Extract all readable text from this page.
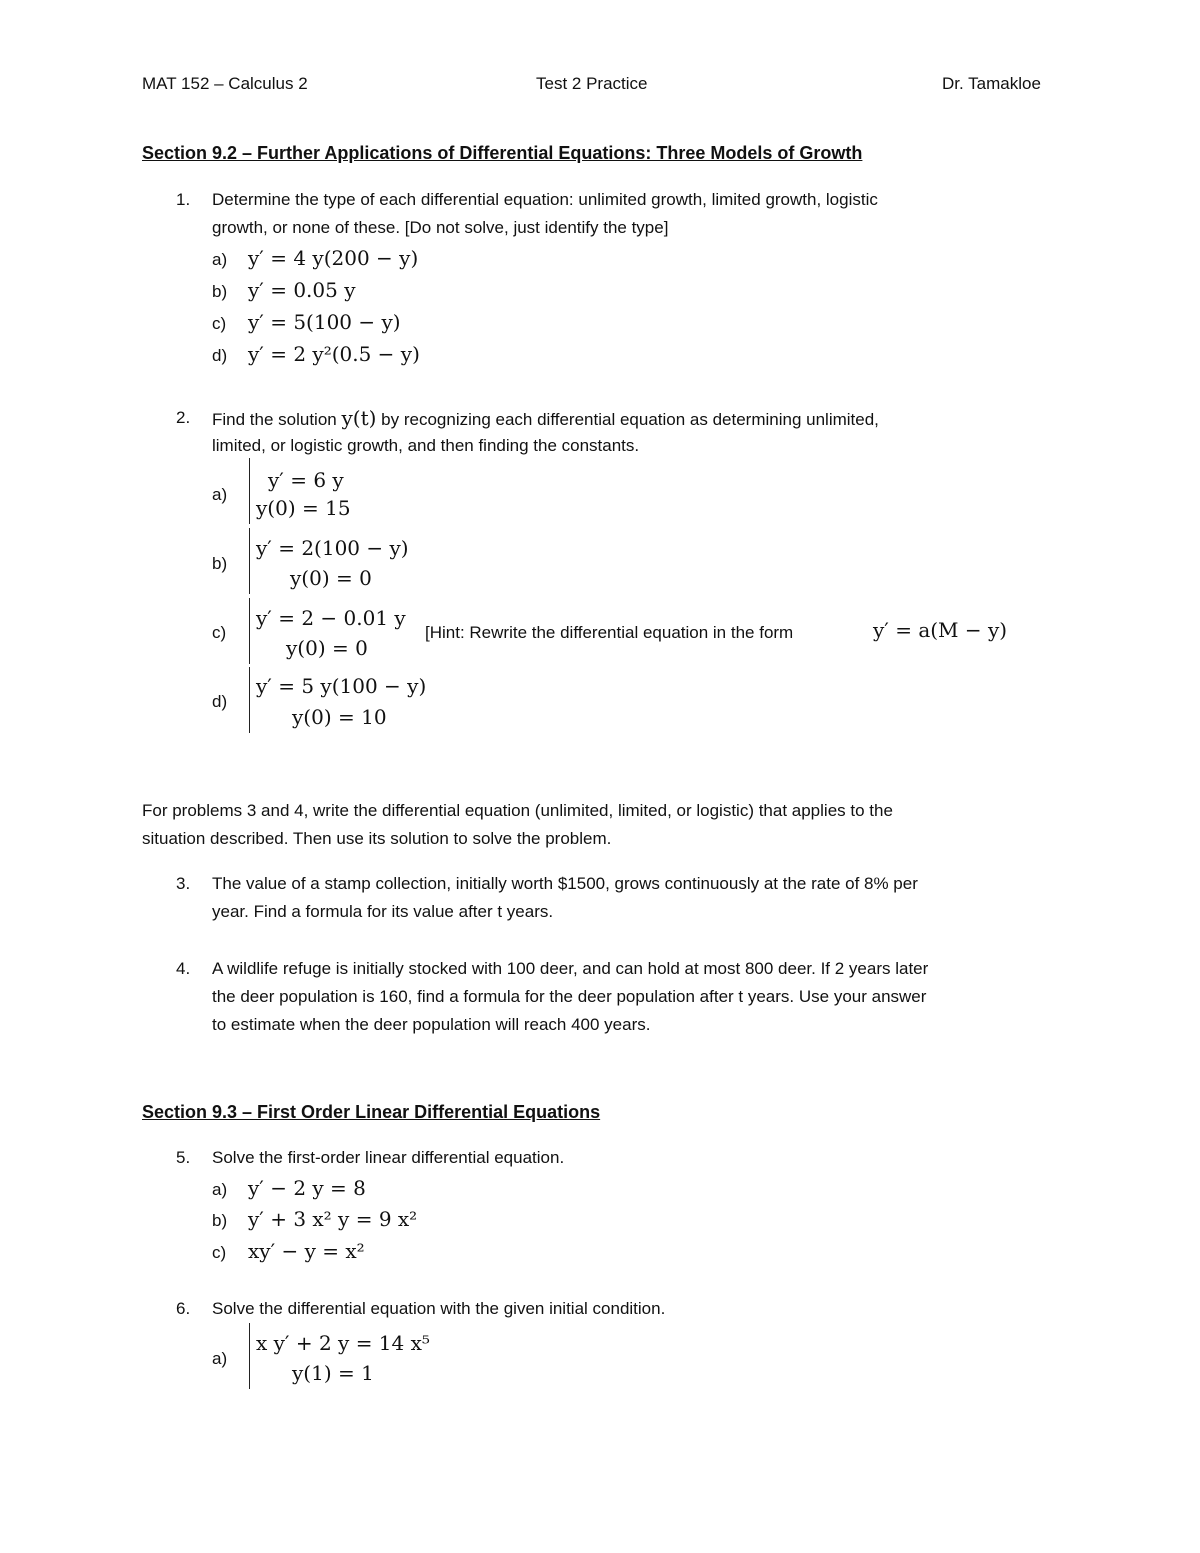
MAT 152 – Calculus 2	Test 2 Practice	Dr. Tamakloe
Section 9.2 – Further Applications of Differential Equations: Three Models of Growth
1. Determine the type of each differential equation: unlimited growth, limited growth, logistic
growth, or none of these. [Do not solve, just identify the type]
a) y′ = 4 y(200 − y)
b) y′ = 0.05 y
c) y′ = 5(100 − y)
d) y′ = 2 y²(0.5 − y)
2. Find the solution y(t) by recognizing each differential equation as determining unlimited,
limited, or logistic growth, and then finding the constants.
a)
y′ = 6 y
y(0) = 15
b)
y′ = 2(100 − y)
y(0) = 0
c)
y′ = 2 − 0.01 y
y(0) = 0
[Hint: Rewrite the differential equation in the form	y′ = a(M − y)
d)
y′ = 5 y(100 − y)
y(0) = 10
For problems 3 and 4, write the differential equation (unlimited, limited, or logistic) that applies to the
situation described. Then use its solution to solve the problem.
3. The value of a stamp collection, initially worth $1500, grows continuously at the rate of 8% per
year. Find a formula for its value after t years.
4. A wildlife refuge is initially stocked with 100 deer, and can hold at most 800 deer. If 2 years later
the deer population is 160, find a formula for the deer population after t years. Use your answer
to estimate when the deer population will reach 400 years.
Section 9.3 – First Order Linear Differential Equations
5. Solve the first-order linear differential equation.
a) y′ − 2 y = 8
b) y′ + 3 x² y = 9 x²
c) xy′ − y = x²
6. Solve the differential equation with the given initial condition.
a)
x y′ + 2 y = 14 x⁵
y(1) = 1
